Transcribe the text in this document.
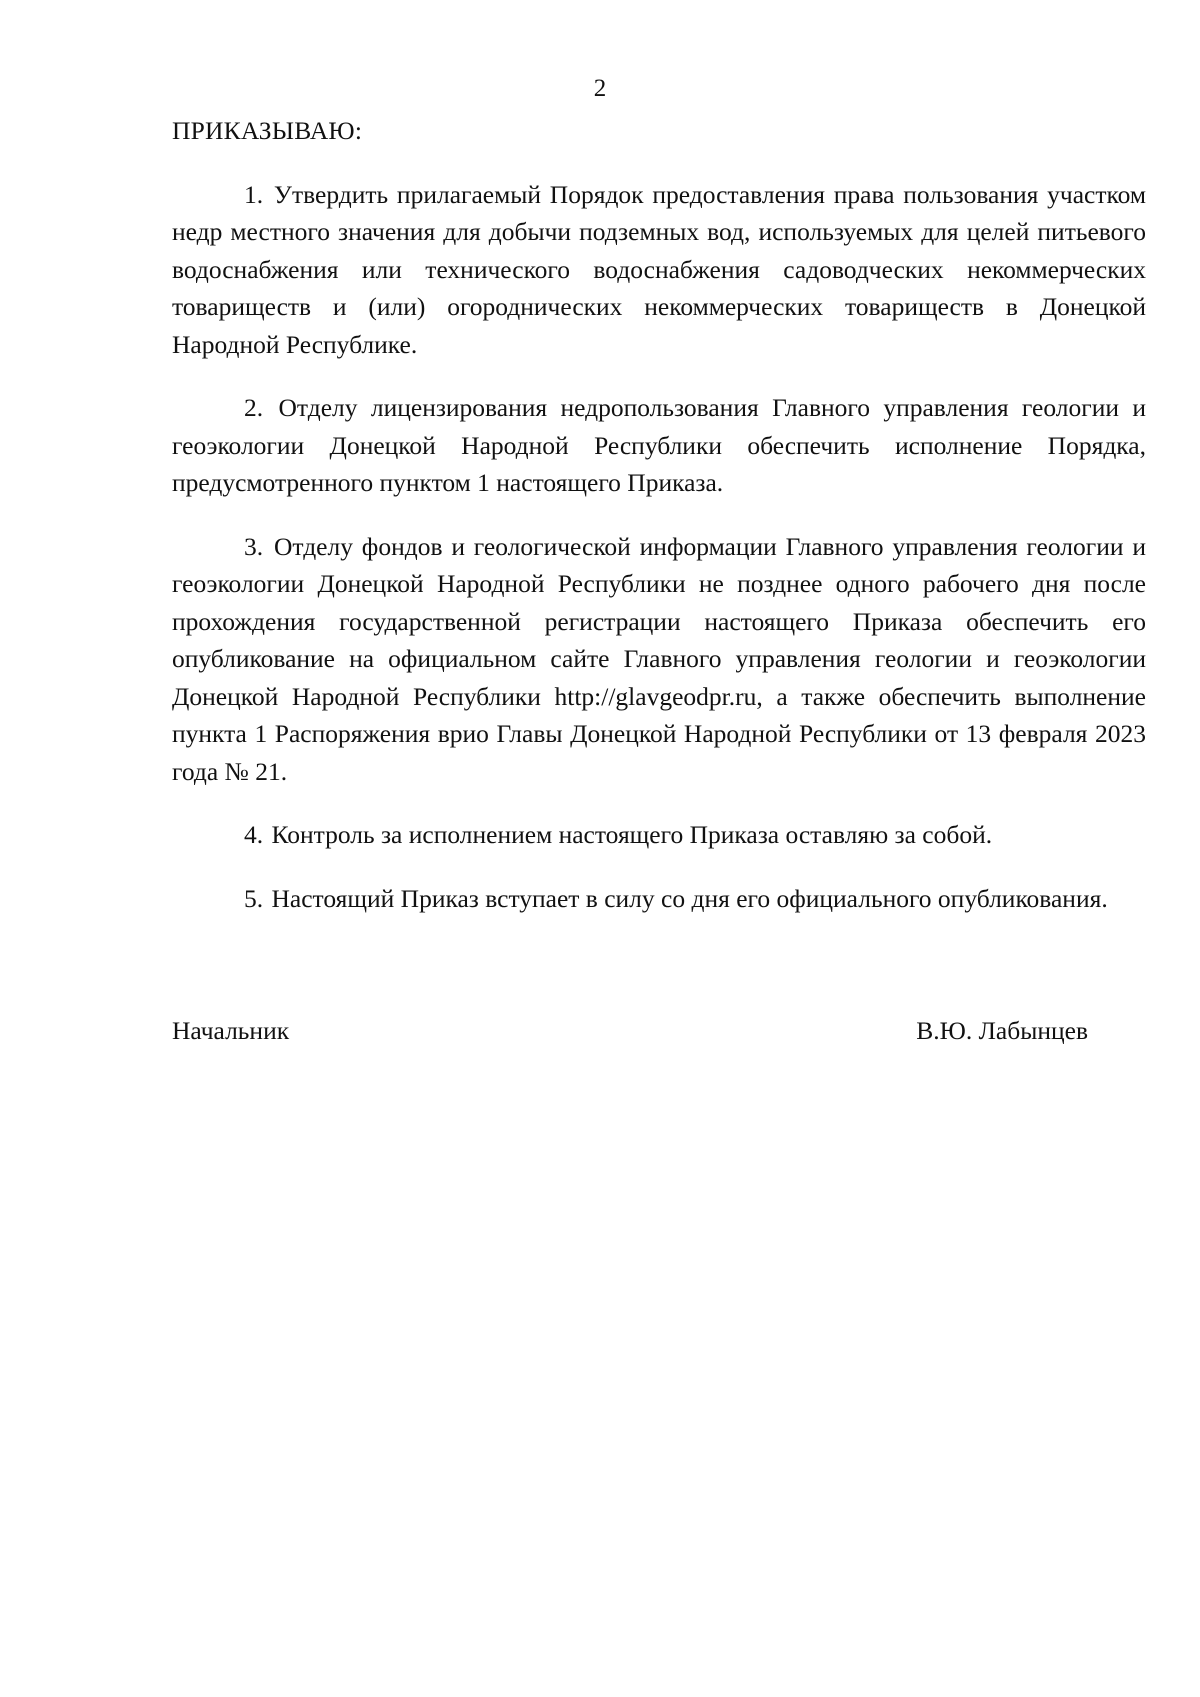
2

ПРИКАЗЫВАЮ:

1. Утвердить прилагаемый Порядок предоставления права пользования участком недр местного значения для добычи подземных вод, используемых для целей питьевого водоснабжения или технического водоснабжения садоводческих некоммерческих товариществ и (или) огороднических некоммерческих товариществ в Донецкой Народной Республике.

2. Отделу лицензирования недропользования Главного управления геологии и геоэкологии Донецкой Народной Республики обеспечить исполнение Порядка, предусмотренного пунктом 1 настоящего Приказа.

3. Отделу фондов и геологической информации Главного управления геологии и геоэкологии Донецкой Народной Республики не позднее одного рабочего дня после прохождения государственной регистрации настоящего Приказа обеспечить его опубликование на официальном сайте Главного управления геологии и геоэкологии Донецкой Народной Республики http://glavgeodpr.ru, а также обеспечить выполнение пункта 1 Распоряжения врио Главы Донецкой Народной Республики от 13 февраля 2023 года № 21.

4. Контроль за исполнением настоящего Приказа оставляю за собой.

5. Настоящий Приказ вступает в силу со дня его официального опубликования.

Начальник	В.Ю. Лабынцев
